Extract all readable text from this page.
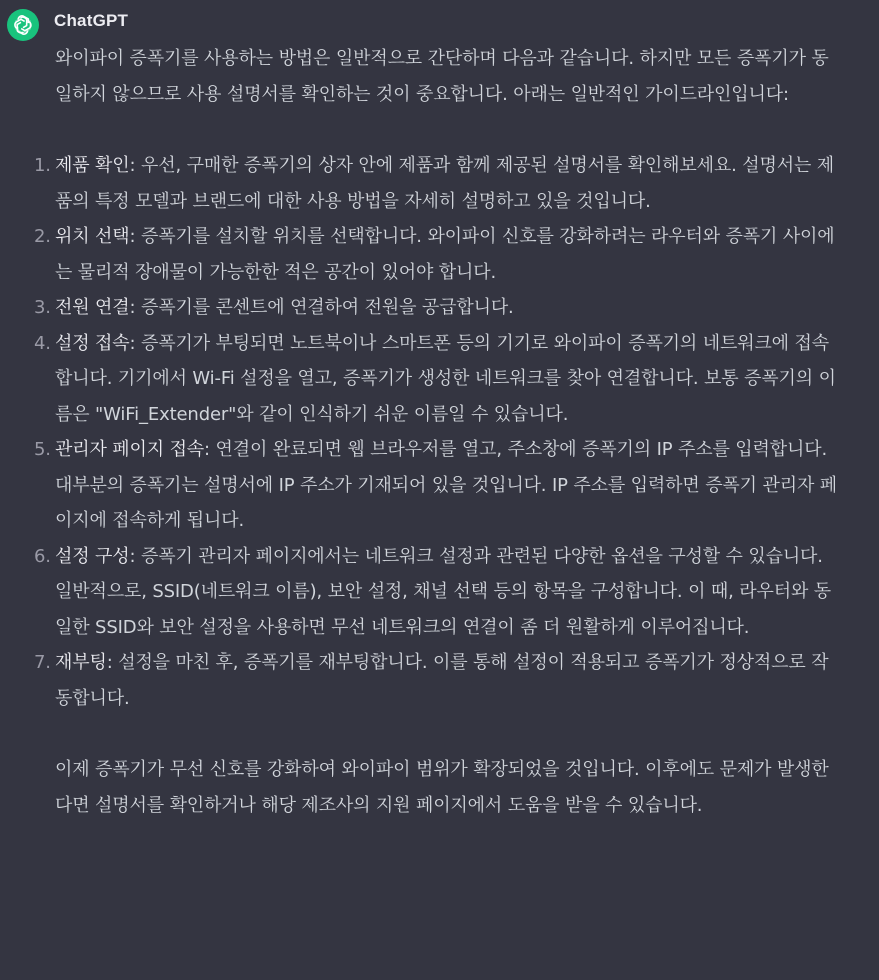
ChatGPT

와이파이 증폭기를 사용하는 방법은 일반적으로 간단하며 다음과 같습니다. 하지만 모든 증폭기가 동일하지 않으므로 사용 설명서를 확인하는 것이 중요합니다. 아래는 일반적인 가이드라인입니다:

1. 제품 확인: 우선, 구매한 증폭기의 상자 안에 제품과 함께 제공된 설명서를 확인해보세요. 설명서는 제품의 특정 모델과 브랜드에 대한 사용 방법을 자세히 설명하고 있을 것입니다.
2. 위치 선택: 증폭기를 설치할 위치를 선택합니다. 와이파이 신호를 강화하려는 라우터와 증폭기 사이에는 물리적 장애물이 가능한한 적은 공간이 있어야 합니다.
3. 전원 연결: 증폭기를 콘센트에 연결하여 전원을 공급합니다.
4. 설정 접속: 증폭기가 부팅되면 노트북이나 스마트폰 등의 기기로 와이파이 증폭기의 네트워크에 접속합니다. 기기에서 Wi-Fi 설정을 열고, 증폭기가 생성한 네트워크를 찾아 연결합니다. 보통 증폭기의 이름은 "WiFi_Extender"와 같이 인식하기 쉬운 이름일 수 있습니다.
5. 관리자 페이지 접속: 연결이 완료되면 웹 브라우저를 열고, 주소창에 증폭기의 IP 주소를 입력합니다. 대부분의 증폭기는 설명서에 IP 주소가 기재되어 있을 것입니다. IP 주소를 입력하면 증폭기 관리자 페이지에 접속하게 됩니다.
6. 설정 구성: 증폭기 관리자 페이지에서는 네트워크 설정과 관련된 다양한 옵션을 구성할 수 있습니다. 일반적으로, SSID(네트워크 이름), 보안 설정, 채널 선택 등의 항목을 구성합니다. 이 때, 라우터와 동일한 SSID와 보안 설정을 사용하면 무선 네트워크의 연결이 좀 더 원활하게 이루어집니다.
7. 재부팅: 설정을 마친 후, 증폭기를 재부팅합니다. 이를 통해 설정이 적용되고 증폭기가 정상적으로 작동합니다.

이제 증폭기가 무선 신호를 강화하여 와이파이 범위가 확장되었을 것입니다. 이후에도 문제가 발생한다면 설명서를 확인하거나 해당 제조사의 지원 페이지에서 도움을 받을 수 있습니다.
